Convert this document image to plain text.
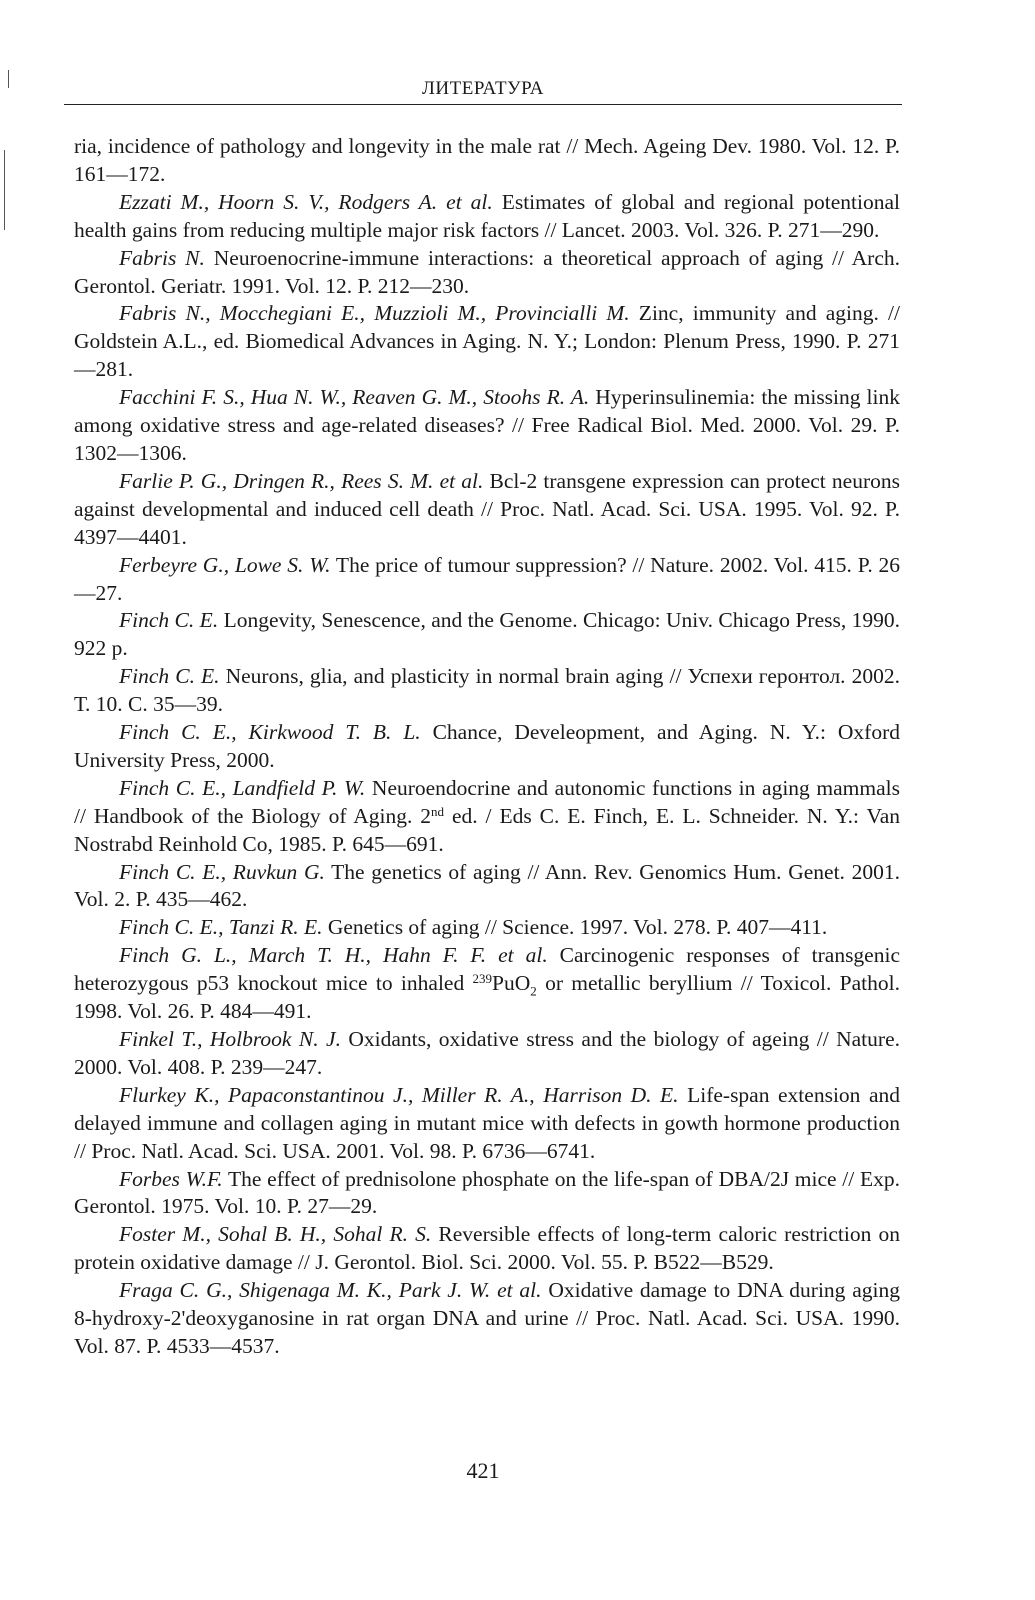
ЛИТЕРАТУРА

ria, incidence of pathology and longevity in the male rat // Mech. Ageing Dev. 1980. Vol. 12. P. 161—172.

Ezzati M., Hoorn S. V., Rodgers A. et al. Estimates of global and regional potentional health gains from reducing multiple major risk factors // Lancet. 2003. Vol. 326. P. 271—290.

Fabris N. Neuroenocrine-immune interactions: a theoretical approach of aging // Arch. Gerontol. Geriatr. 1991. Vol. 12. P. 212—230.

Fabris N., Mocchegiani E., Muzzioli M., Provincialli M. Zinc, immunity and aging. // Goldstein A.L., ed. Biomedical Advances in Aging. N. Y.; London: Plenum Press, 1990. P. 271—281.

Facchini F. S., Hua N. W., Reaven G. M., Stoohs R. A. Hyperinsulinemia: the missing link among oxidative stress and age-related diseases? // Free Radical Biol. Med. 2000. Vol. 29. P. 1302—1306.

Farlie P. G., Dringen R., Rees S. M. et al. Bcl-2 transgene expression can protect neurons against developmental and induced cell death // Proc. Natl. Acad. Sci. USA. 1995. Vol. 92. P. 4397—4401.

Ferbeyre G., Lowe S. W. The price of tumour suppression? // Nature. 2002. Vol. 415. P. 26—27.

Finch C. E. Longevity, Senescence, and the Genome. Chicago: Univ. Chicago Press, 1990. 922 p.

Finch C. E. Neurons, glia, and plasticity in normal brain aging // Успехи геронтол. 2002. Т. 10. С. 35—39.

Finch C. E., Kirkwood T. B. L. Chance, Develeopment, and Aging. N. Y.: Oxford University Press, 2000.

Finch C. E., Landfield P. W. Neuroendocrine and autonomic functions in aging mammals // Handbook of the Biology of Aging. 2nd ed. / Eds C. E. Finch, E. L. Schneider. N. Y.: Van Nostrabd Reinhold Co, 1985. P. 645—691.

Finch C. E., Ruvkun G. The genetics of aging // Ann. Rev. Genomics Hum. Genet. 2001. Vol. 2. P. 435—462.

Finch C. E., Tanzi R. E. Genetics of aging // Science. 1997. Vol. 278. P. 407—411.

Finch G. L., March T. H., Hahn F. F. et al. Carcinogenic responses of transgenic heterozygous p53 knockout mice to inhaled $^{239}$PuO$_2$ or metallic beryllium // Toxicol. Pathol. 1998. Vol. 26. P. 484—491.

Finkel T., Holbrook N. J. Oxidants, oxidative stress and the biology of ageing // Nature. 2000. Vol. 408. P. 239—247.

Flurkey K., Papaconstantinou J., Miller R. A., Harrison D. E. Life-span extension and delayed immune and collagen aging in mutant mice with defects in gowth hormone production // Proc. Natl. Acad. Sci. USA. 2001. Vol. 98. P. 6736—6741.

Forbes W.F. The effect of prednisolone phosphate on the life-span of DBA/2J mice // Exp. Gerontol. 1975. Vol. 10. P. 27—29.

Foster M., Sohal B. H., Sohal R. S. Reversible effects of long-term caloric restriction on protein oxidative damage // J. Gerontol. Biol. Sci. 2000. Vol. 55. P. B522—B529.

Fraga C. G., Shigenaga M. K., Park J. W. et al. Oxidative damage to DNA during aging 8-hydroxy-2'deoxyganosine in rat organ DNA and urine // Proc. Natl. Acad. Sci. USA. 1990. Vol. 87. P. 4533—4537.

421
